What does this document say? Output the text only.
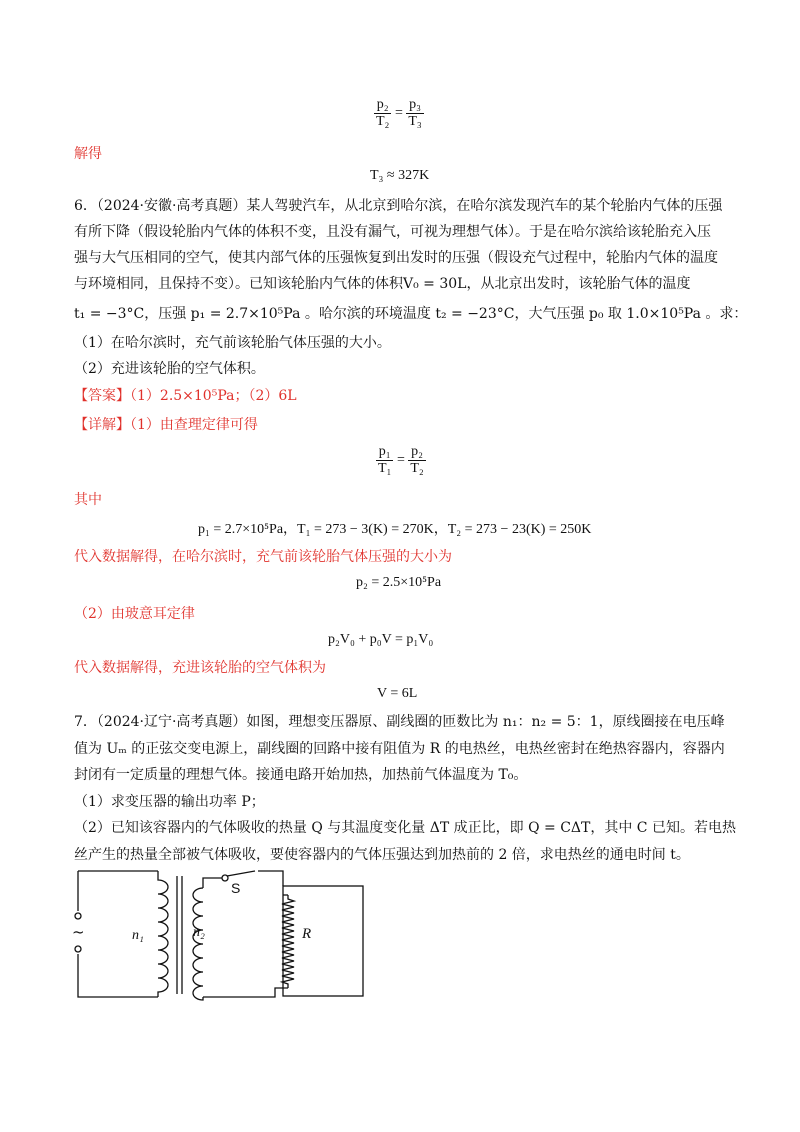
$\frac{\text{p₂}}{\text{T₂}} = \frac{\text{p₃}}{\text{T₃}}$
解得
T₃ ≈ 327K
6．（2024·安徽·高考真题）某人驾驶汽车，从北京到哈尔滨，在哈尔滨发现汽车的某个轮胎内气体的压强
有所下降（假设轮胎内气体的体积不变，且没有漏气，可视为理想气体）。于是在哈尔滨给该轮胎充入压
强与大气压相同的空气，使其内部气体的压强恢复到出发时的压强（假设充气过程中，轮胎内气体的温度
与环境相同，且保持不变）。已知该轮胎内气体的体积V₀ = 30L，从北京出发时，该轮胎气体的温度
t₁ = −3°C，压强 p₁ = 2.7×10⁵Pa 。哈尔滨的环境温度 t₂ = −23°C，大气压强 p₀ 取 1.0×10⁵Pa 。求：
（1）在哈尔滨时，充气前该轮胎气体压强的大小。
（2）充进该轮胎的空气体积。
【答案】（1）2.5×10⁵Pa；（2）6L
【详解】（1）由查理定律可得
$\frac{\text{p₁}}{\text{T₁}} = \frac{\text{p₂}}{\text{T₂}}$
其中
p₁ = 2.7×10⁵Pa，T₁ = 273 − 3(K) = 270K，T₂ = 273 − 23(K) = 250K
代入数据解得，在哈尔滨时，充气前该轮胎气体压强的大小为
p₂ = 2.5×10⁵Pa
（2）由玻意耳定律
p₂V₀ + p₀V = p₁V₀
代入数据解得，充进该轮胎的空气体积为
V = 6L
7．（2024·辽宁·高考真题）如图，理想变压器原、副线圈的匝数比为 n₁：n₂ = 5：1，原线圈接在电压峰
值为 Uₘ 的正弦交变电源上，副线圈的回路中接有阻值为 R 的电热丝，电热丝密封在绝热容器内，容器内
封闭有一定质量的理想气体。接通电路开始加热，加热前气体温度为 T₀。
（1）求变压器的输出功率 P；
（2）已知该容器内的气体吸收的热量 Q 与其温度变化量 ΔT 成正比，即 Q = CΔT，其中 C 已知。若电热
丝产生的热量全部被气体吸收，要使容器内的气体压强达到加热前的 2 倍，求电热丝的通电时间 t。
~	n₁	n₂
S
R
